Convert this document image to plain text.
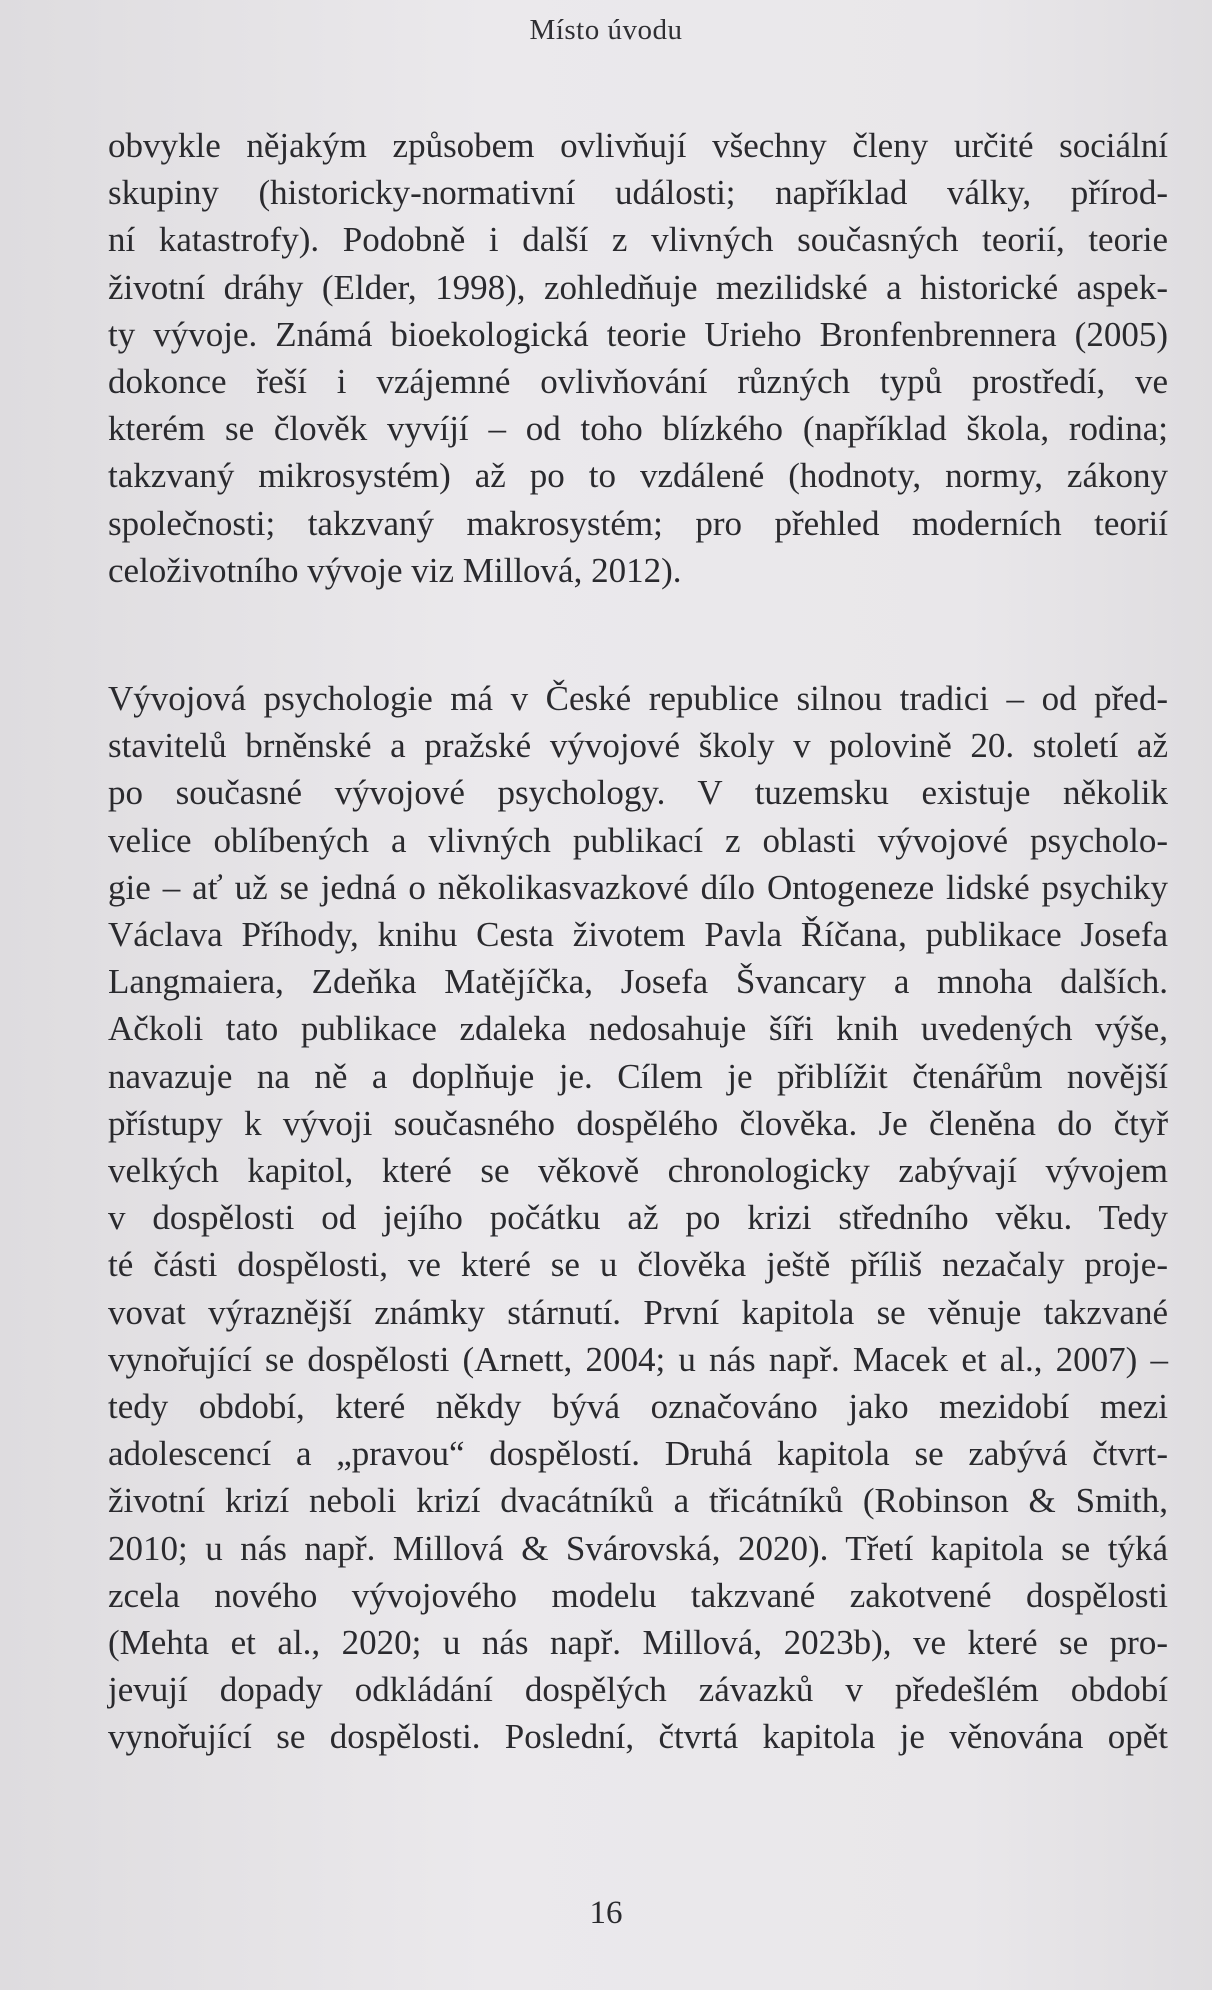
Místo úvodu
obvykle nějakým způsobem ovlivňují všechny členy určité sociální
skupiny (historicky-normativní události; například války, přírod-
ní katastrofy). Podobně i další z vlivných současných teorií, teorie
životní dráhy (Elder, 1998), zohledňuje mezilidské a historické aspek-
ty vývoje. Známá bioekologická teorie Urieho Bronfenbrennera (2005)
dokonce řeší i vzájemné ovlivňování různých typů prostředí, ve
kterém se člověk vyvíjí – od toho blízkého (například škola, rodina;
takzvaný mikrosystém) až po to vzdálené (hodnoty, normy, zákony
společnosti; takzvaný makrosystém; pro přehled moderních teorií
celoživotního vývoje viz Millová, 2012).
Vývojová psychologie má v České republice silnou tradici – od před-
stavitelů brněnské a pražské vývojové školy v polovině 20. století až
po současné vývojové psychology. V tuzemsku existuje několik
velice oblíbených a vlivných publikací z oblasti vývojové psycholo-
gie – ať už se jedná o několikasvazkové dílo Ontogeneze lidské psychiky
Václava Příhody, knihu Cesta životem Pavla Říčana, publikace Josefa
Langmaiera, Zdeňka Matějíčka, Josefa Švancary a mnoha dalších.
Ačkoli tato publikace zdaleka nedosahuje šíři knih uvedených výše,
navazuje na ně a doplňuje je. Cílem je přiblížit čtenářům novější
přístupy k vývoji současného dospělého člověka. Je členěna do čtyř
velkých kapitol, které se věkově chronologicky zabývají vývojem
v dospělosti od jejího počátku až po krizi středního věku. Tedy
té části dospělosti, ve které se u člověka ještě příliš nezačaly proje-
vovat výraznější známky stárnutí. První kapitola se věnuje takzvané
vynořující se dospělosti (Arnett, 2004; u nás např. Macek et al., 2007) –
tedy období, které někdy bývá označováno jako mezidobí mezi
adolescencí a „pravou“ dospělostí. Druhá kapitola se zabývá čtvrt-
životní krizí neboli krizí dvacátníků a třicátníků (Robinson & Smith,
2010; u nás např. Millová & Svárovská, 2020). Třetí kapitola se týká
zcela nového vývojového modelu takzvané zakotvené dospělosti
(Mehta et al., 2020; u nás např. Millová, 2023b), ve které se pro-
jevují dopady odkládání dospělých závazků v předešlém období
vynořující se dospělosti. Poslední, čtvrtá kapitola je věnována opět
16
